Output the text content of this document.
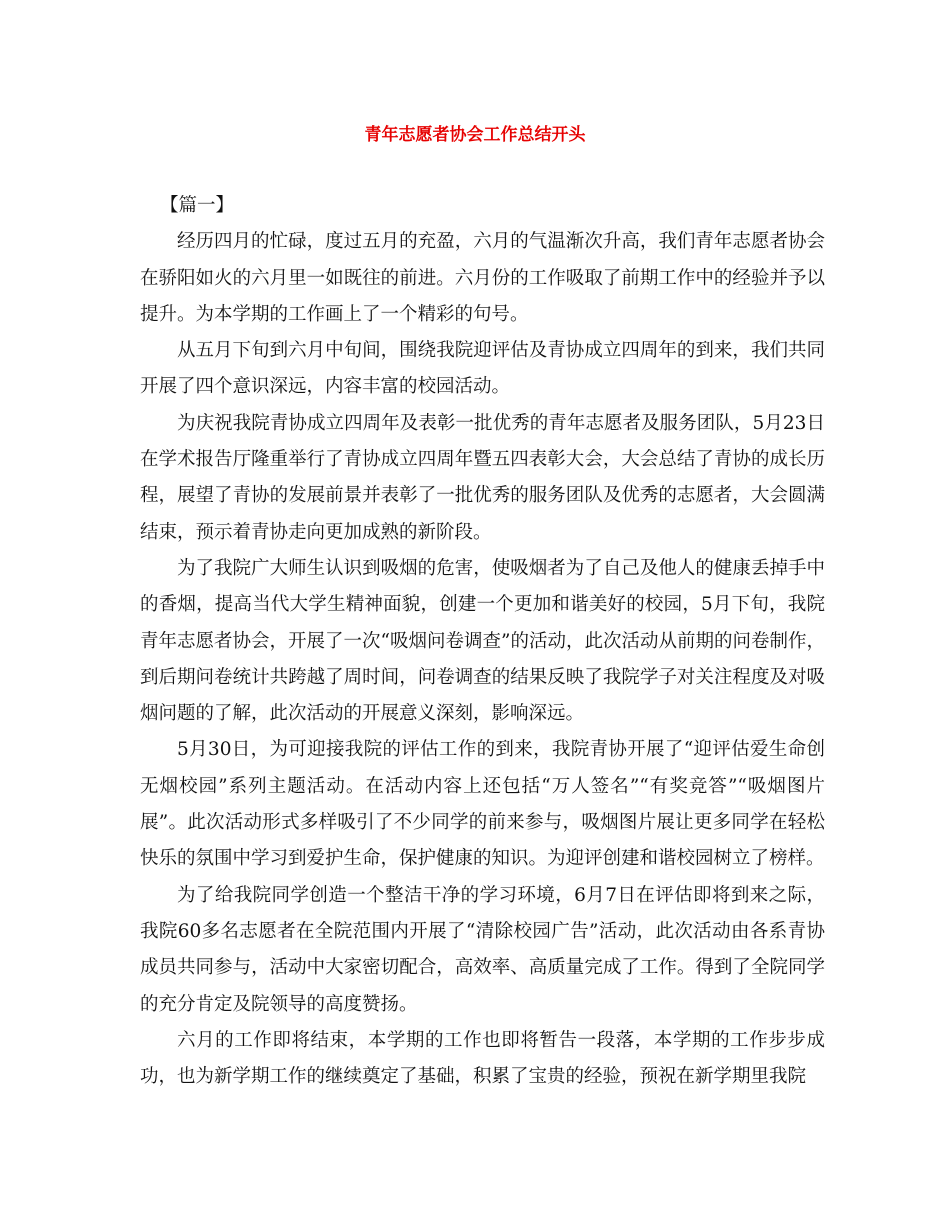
青年志愿者协会工作总结开头

【篇一】

经历四月的忙碌，度过五月的充盈，六月的气温渐次升高，我们青年志愿者协会在骄阳如火的六月里一如既往的前进。六月份的工作吸取了前期工作中的经验并予以提升。为本学期的工作画上了一个精彩的句号。

从五月下旬到六月中旬间，围绕我院迎评估及青协成立四周年的到来，我们共同开展了四个意识深远，内容丰富的校园活动。

为庆祝我院青协成立四周年及表彰一批优秀的青年志愿者及服务团队，5月23日在学术报告厅隆重举行了青协成立四周年暨五四表彰大会，大会总结了青协的成长历程，展望了青协的发展前景并表彰了一批优秀的服务团队及优秀的志愿者，大会圆满结束，预示着青协走向更加成熟的新阶段。

为了我院广大师生认识到吸烟的危害，使吸烟者为了自己及他人的健康丢掉手中的香烟，提高当代大学生精神面貌，创建一个更加和谐美好的校园，5月下旬，我院青年志愿者协会，开展了一次“吸烟问卷调查”的活动，此次活动从前期的问卷制作，到后期问卷统计共跨越了周时间，问卷调查的结果反映了我院学子对关注程度及对吸烟问题的了解，此次活动的开展意义深刻，影响深远。

5月30日，为可迎接我院的评估工作的到来，我院青协开展了“迎评估爱生命创无烟校园”系列主题活动。在活动内容上还包括“万人签名”“有奖竞答”“吸烟图片展”。此次活动形式多样吸引了不少同学的前来参与，吸烟图片展让更多同学在轻松快乐的氛围中学习到爱护生命，保护健康的知识。为迎评创建和谐校园树立了榜样。

为了给我院同学创造一个整洁干净的学习环境，6月7日在评估即将到来之际，我院60多名志愿者在全院范围内开展了“清除校园广告”活动，此次活动由各系青协成员共同参与，活动中大家密切配合，高效率、高质量完成了工作。得到了全院同学的充分肯定及院领导的高度赞扬。

六月的工作即将结束，本学期的工作也即将暂告一段落，本学期的工作步步成功，也为新学期工作的继续奠定了基础，积累了宝贵的经验，预祝在新学期里我院
